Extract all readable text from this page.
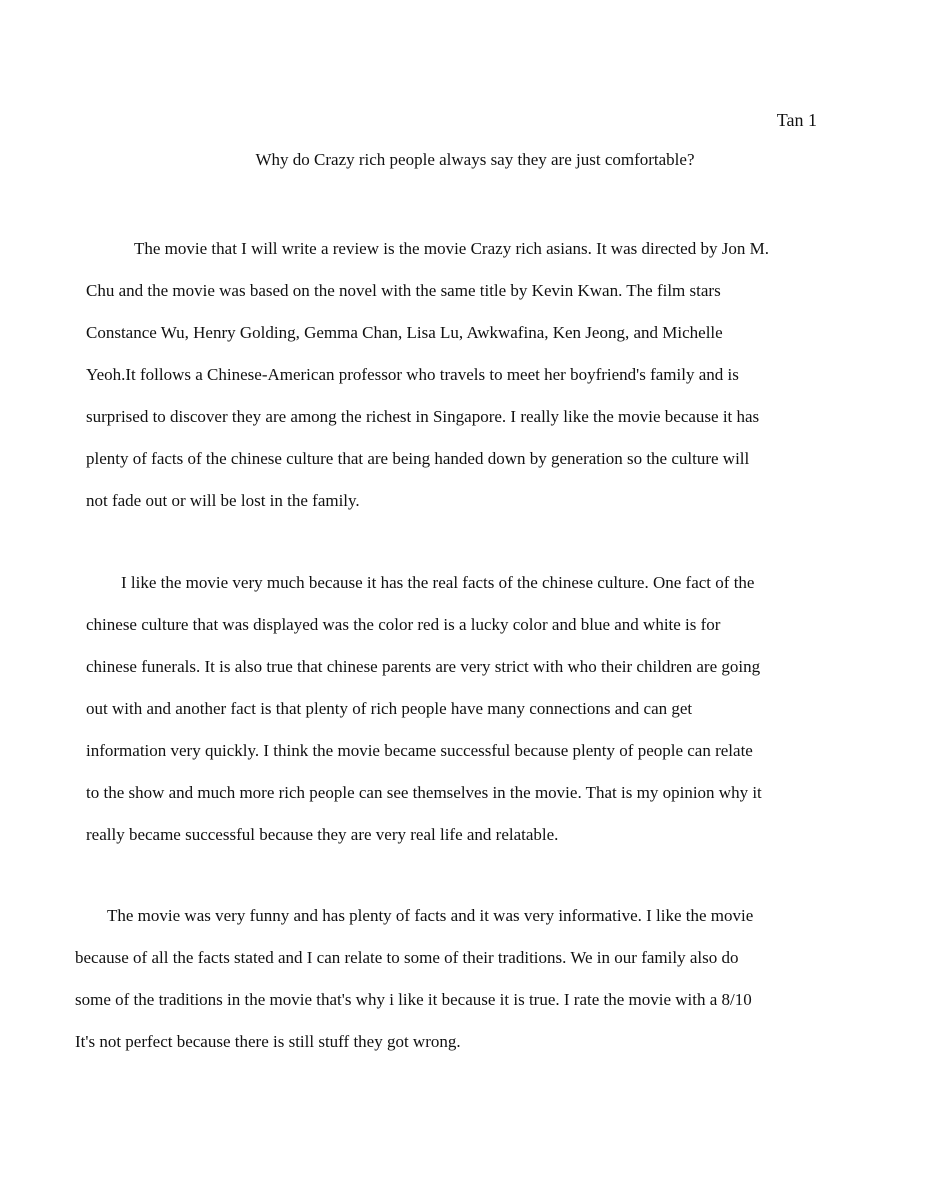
Tan 1
Why do Crazy rich people always say they are just comfortable?
The movie that I will write a review is the movie Crazy rich asians. It was directed by Jon M.
Chu and the movie was based on the novel with the same title by Kevin Kwan. The film stars
Constance Wu, Henry Golding, Gemma Chan, Lisa Lu, Awkwafina, Ken Jeong, and Michelle
Yeoh.It follows a Chinese-American professor who travels to meet her boyfriend's family and is
surprised to discover they are among the richest in Singapore. I really like the movie because it has
plenty of facts of the chinese culture that are being handed down by generation so the culture will
not fade out or will be lost in the family.
I like the movie very much because it has the real facts of the chinese culture. One fact of the
chinese culture that was displayed was the color red is a lucky color and blue and white is for
chinese funerals. It is also true that chinese parents are very strict with who their children are going
out with and another fact is that plenty of rich people have many connections and can get
information very quickly. I think the movie became successful because plenty of people can relate
to the show and much more rich people can see themselves in the movie. That is my opinion why it
really became successful because they are very real life and relatable.
The movie was very funny and has plenty of facts and it was very informative. I like the movie
because of all the facts stated and I can relate to some of their traditions. We in our family also do
some of the traditions in the movie that's why i like it because it is true. I rate the movie with a 8/10
It's not perfect because there is still stuff they got wrong.
